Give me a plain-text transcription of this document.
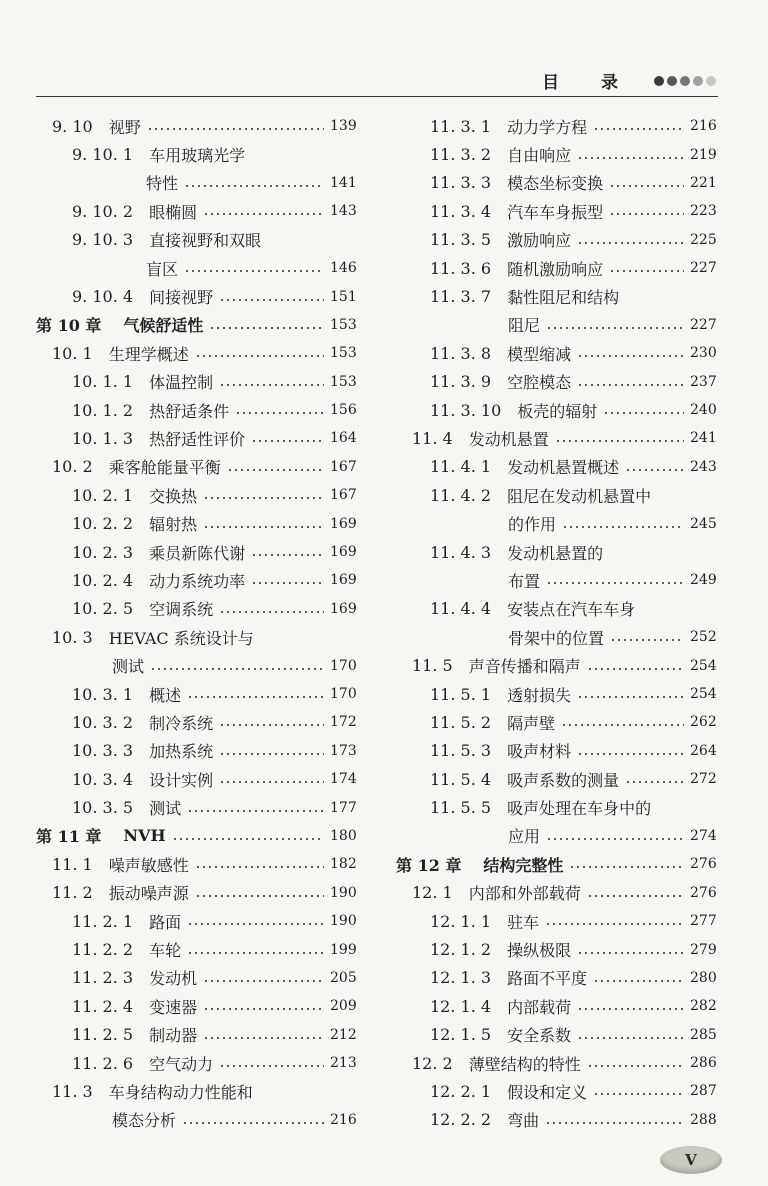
目 录
9. 10 视野	139
9. 10. 1 车用玻璃光学
特性	141
9. 10. 2 眼椭圆	143
9. 10. 3 直接视野和双眼
盲区	146
9. 10. 4 间接视野	151
第 10 章 气候舒适性	153
10. 1 生理学概述	153
10. 1. 1 体温控制	153
10. 1. 2 热舒适条件	156
10. 1. 3 热舒适性评价	164
10. 2 乘客舱能量平衡	167
10. 2. 1 交换热	167
10. 2. 2 辐射热	169
10. 2. 3 乘员新陈代谢	169
10. 2. 4 动力系统功率	169
10. 2. 5 空调系统	169
10. 3 HEVAC 系统设计与
测试	170
10. 3. 1 概述	170
10. 3. 2 制冷系统	172
10. 3. 3 加热系统	173
10. 3. 4 设计实例	174
10. 3. 5 测试	177
第 11 章 NVH	180
11. 1 噪声敏感性	182
11. 2 振动噪声源	190
11. 2. 1 路面	190
11. 2. 2 车轮	199
11. 2. 3 发动机	205
11. 2. 4 变速器	209
11. 2. 5 制动器	212
11. 2. 6 空气动力	213
11. 3 车身结构动力性能和
模态分析	216
11. 3. 1 动力学方程	216
11. 3. 2 自由响应	219
11. 3. 3 模态坐标变换	221
11. 3. 4 汽车车身振型	223
11. 3. 5 激励响应	225
11. 3. 6 随机激励响应	227
11. 3. 7 黏性阻尼和结构
阻尼	227
11. 3. 8 模型缩减	230
11. 3. 9 空腔模态	237
11. 3. 10 板壳的辐射	240
11. 4 发动机悬置	241
11. 4. 1 发动机悬置概述	243
11. 4. 2 阻尼在发动机悬置中
的作用	245
11. 4. 3 发动机悬置的
布置	249
11. 4. 4 安装点在汽车车身
骨架中的位置	252
11. 5 声音传播和隔声	254
11. 5. 1 透射损失	254
11. 5. 2 隔声壁	262
11. 5. 3 吸声材料	264
11. 5. 4 吸声系数的测量	272
11. 5. 5 吸声处理在车身中的
应用	274
第 12 章 结构完整性	276
12. 1 内部和外部载荷	276
12. 1. 1 驻车	277
12. 1. 2 操纵极限	279
12. 1. 3 路面不平度	280
12. 1. 4 内部载荷	282
12. 1. 5 安全系数	285
12. 2 薄壁结构的特性	286
12. 2. 1 假设和定义	287
12. 2. 2 弯曲	288
V
